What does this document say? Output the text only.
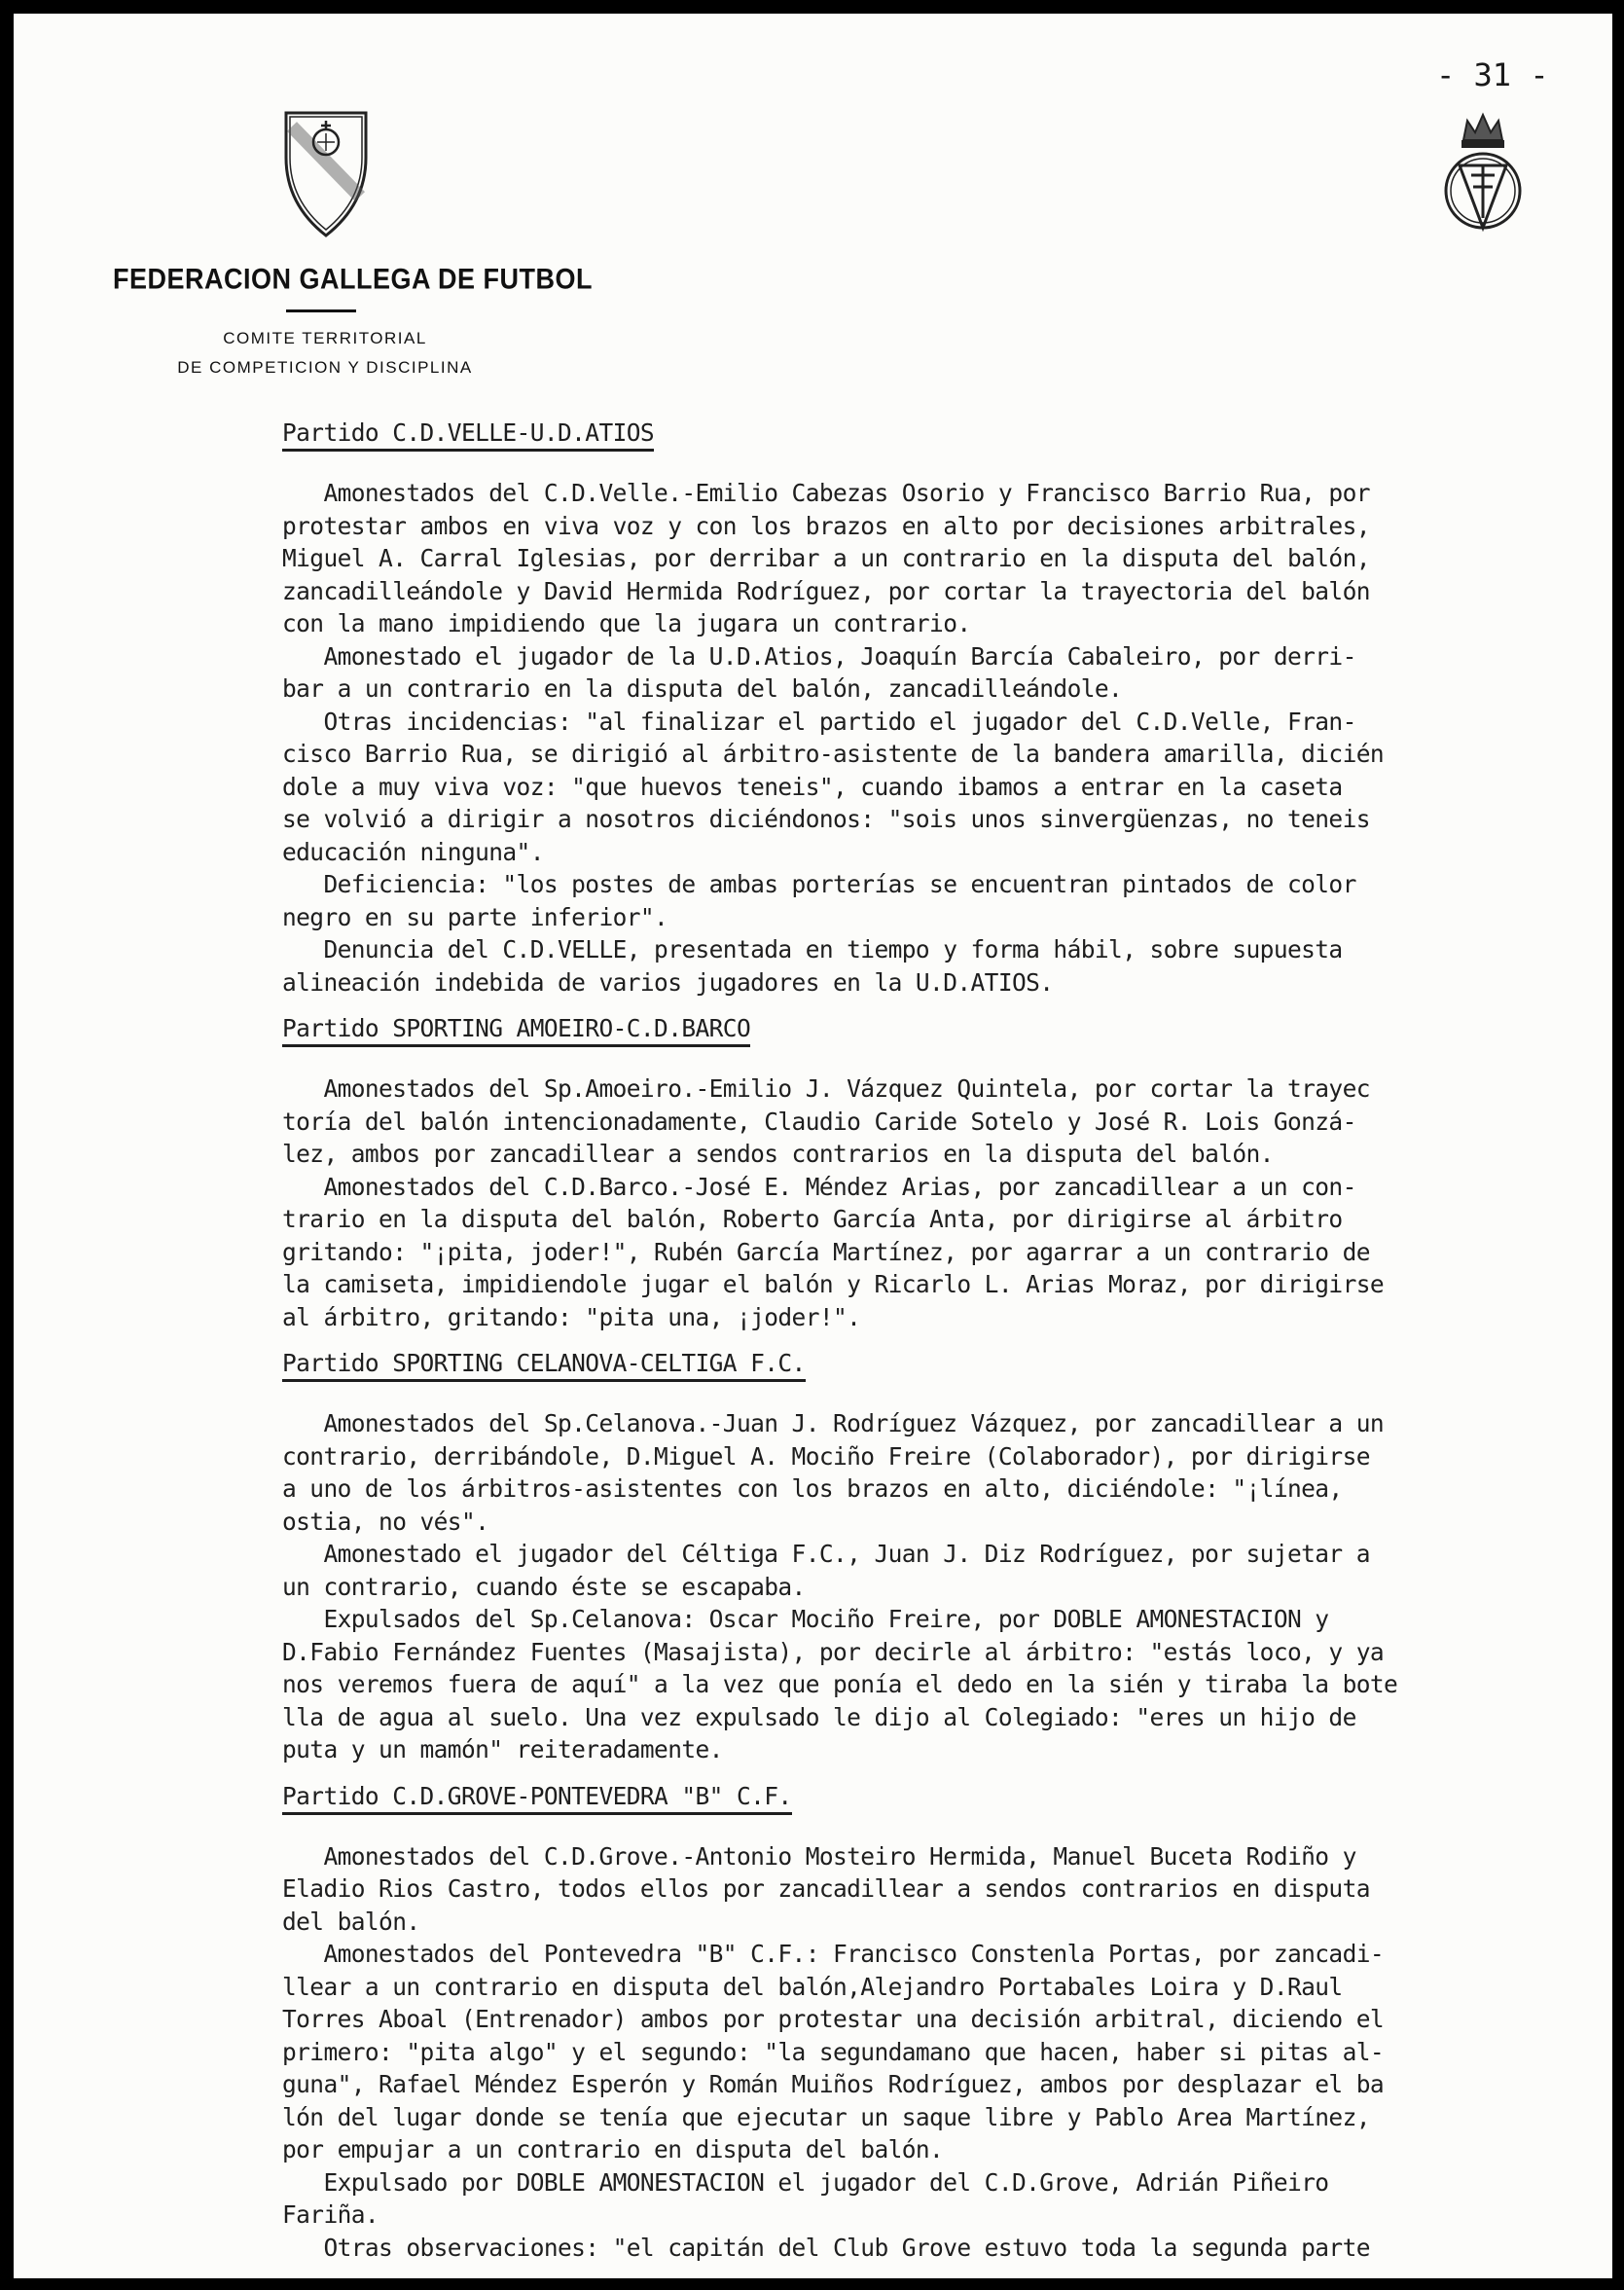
- 31 -
FEDERACION GALLEGA DE FUTBOL
COMITE TERRITORIAL
DE COMPETICION Y DISCIPLINA
Partido C.D.VELLE-U.D.ATIOS

Amonestados del C.D.Velle.-Emilio Cabezas Osorio y Francisco Barrio Rua, por
protestar ambos en viva voz y con los brazos en alto por decisiones arbitrales,
Miguel A. Carral Iglesias, por derribar a un contrario en la disputa del balón,
zancadilleándole y David Hermida Rodríguez, por cortar la trayectoria del balón
con la mano impidiendo que la jugara un contrario.

Amonestado el jugador de la U.D.Atios, Joaquín Barcía Cabaleiro, por derri-
bar a un contrario en la disputa del balón, zancadilleándole.

Otras incidencias: "al finalizar el partido el jugador del C.D.Velle, Fran-
cisco Barrio Rua, se dirigió al árbitro-asistente de la bandera amarilla, dicién
dole a muy viva voz: "que huevos teneis", cuando ibamos a entrar en la caseta
se volvió a dirigir a nosotros diciéndonos: "sois unos sinvergüenzas, no teneis
educación ninguna".

Deficiencia: "los postes de ambas porterías se encuentran pintados de color
negro en su parte inferior".

Denuncia del C.D.VELLE, presentada en tiempo y forma hábil, sobre supuesta
alineación indebida de varios jugadores en la U.D.ATIOS.

Partido SPORTING AMOEIRO-C.D.BARCO

Amonestados del Sp.Amoeiro.-Emilio J. Vázquez Quintela, por cortar la trayec
toría del balón intencionadamente, Claudio Caride Sotelo y José R. Lois Gonzá-
lez, ambos por zancadillear a sendos contrarios en la disputa del balón.

Amonestados del C.D.Barco.-José E. Méndez Arias, por zancadillear a un con-
trario en la disputa del balón, Roberto García Anta, por dirigirse al árbitro
gritando: "¡pita, joder!", Rubén García Martínez, por agarrar a un contrario de
la camiseta, impidiendole jugar el balón y Ricarlo L. Arias Moraz, por dirigirse
al árbitro, gritando: "pita una, ¡joder!".

Partido SPORTING CELANOVA-CELTIGA F.C.

Amonestados del Sp.Celanova.-Juan J. Rodríguez Vázquez, por zancadillear a un
contrario, derribándole, D.Miguel A. Mociño Freire (Colaborador), por dirigirse
a uno de los árbitros-asistentes con los brazos en alto, diciéndole: "¡línea,
ostia, no vés".

Amonestado el jugador del Céltiga F.C., Juan J. Diz Rodríguez, por sujetar a
un contrario, cuando éste se escapaba.

Expulsados del Sp.Celanova: Oscar Mociño Freire, por DOBLE AMONESTACION y
D.Fabio Fernández Fuentes (Masajista), por decirle al árbitro: "estás loco, y ya
nos veremos fuera de aquí" a la vez que ponía el dedo en la sién y tiraba la bote
lla de agua al suelo. Una vez expulsado le dijo al Colegiado: "eres un hijo de
puta y un mamón" reiteradamente.

Partido C.D.GROVE-PONTEVEDRA "B" C.F.

Amonestados del C.D.Grove.-Antonio Mosteiro Hermida, Manuel Buceta Rodiño y
Eladio Rios Castro, todos ellos por zancadillear a sendos contrarios en disputa
del balón.

Amonestados del Pontevedra "B" C.F.: Francisco Constenla Portas, por zancadi-
llear a un contrario en disputa del balón,Alejandro Portabales Loira y D.Raul
Torres Aboal (Entrenador) ambos por protestar una decisión arbitral, diciendo el
primero: "pita algo" y el segundo: "la segundamano que hacen, haber si pitas al-
guna", Rafael Méndez Esperón y Román Muiños Rodríguez, ambos por desplazar el ba
lón del lugar donde se tenía que ejecutar un saque libre y Pablo Area Martínez,
por empujar a un contrario en disputa del balón.

Expulsado por DOBLE AMONESTACION el jugador del C.D.Grove, Adrián Piñeiro
Fariña.

Otras observaciones: "el capitán del Club Grove estuvo toda la segunda parte
